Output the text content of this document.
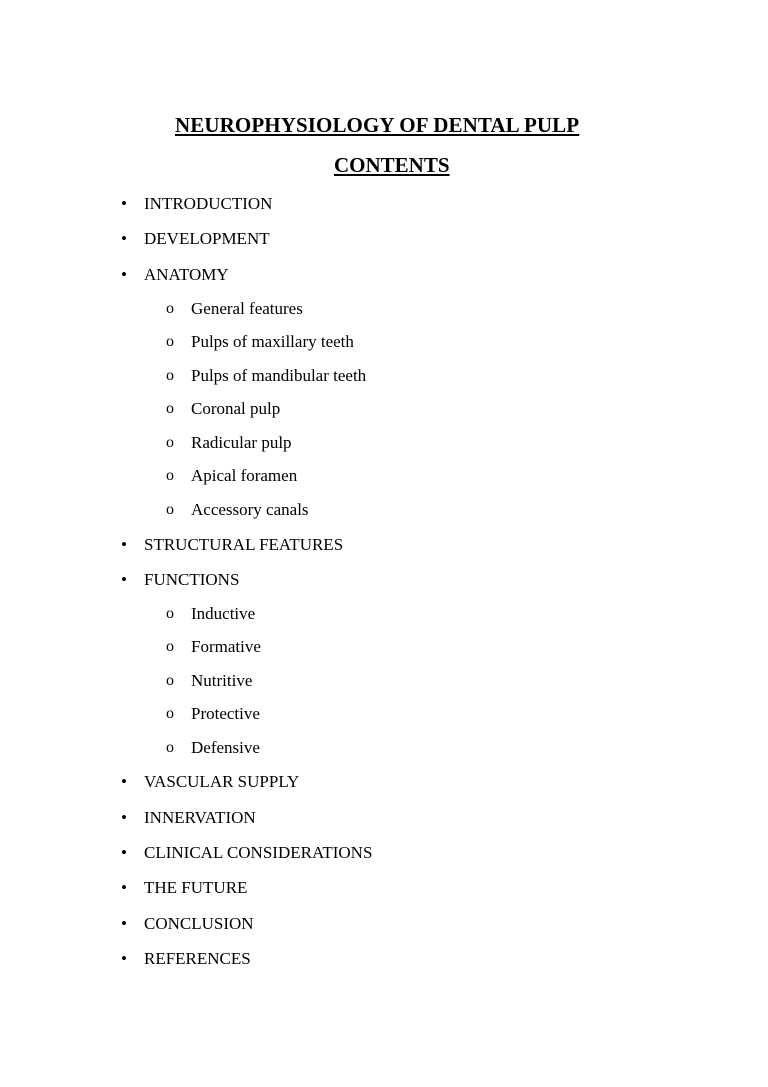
NEUROPHYSIOLOGY OF DENTAL PULP
CONTENTS
• INTRODUCTION
• DEVELOPMENT
• ANATOMY
o General features
o Pulps of maxillary teeth
o Pulps of mandibular teeth
o Coronal pulp
o Radicular pulp
o Apical foramen
o Accessory canals
• STRUCTURAL FEATURES
• FUNCTIONS
o Inductive
o Formative
o Nutritive
o Protective
o Defensive
• VASCULAR SUPPLY
• INNERVATION
• CLINICAL CONSIDERATIONS
• THE FUTURE
• CONCLUSION
• REFERENCES
